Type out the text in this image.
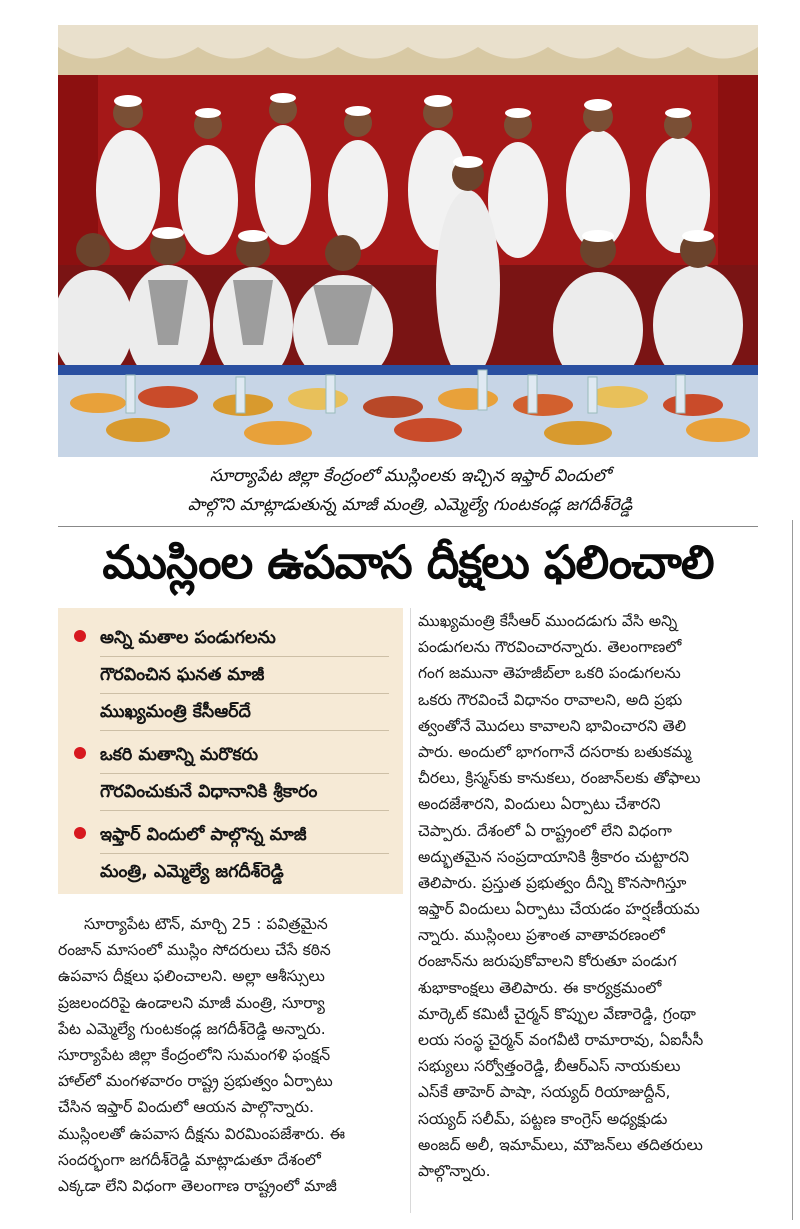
సూర్యాపేట జిల్లా కేంద్రంలో ముస్లింలకు ఇచ్చిన ఇఫ్తార్ విందులో
పాల్గొని మాట్లాడుతున్న మాజీ మంత్రి, ఎమ్మెల్యే గుంటకండ్ల జగదీశ్‌రెడ్డి
ముస్లింల ఉపవాస దీక్షలు ఫలించాలి
అన్ని మతాల పండుగలను
గౌరవించిన ఘనత మాజీ
ముఖ్యమంత్రి కేసీఆర్‌దే
ఒకరి మతాన్ని మరొకరు
గౌరవించుకునే విధానానికి శ్రీకారం
ఇఫ్తార్ విందులో పాల్గొన్న మాజీ
మంత్రి, ఎమ్మెల్యే జగదీశ్‌రెడ్డి
సూర్యాపేట టౌన్, మార్చి 25 : పవిత్రమైన
రంజాన్ మాసంలో ముస్లిం సోదరులు చేసే కఠిన
ఉపవాస దీక్షలు ఫలించాలని. అల్లా ఆశీస్సులు
ప్రజలందరిపై ఉండాలని మాజీ మంత్రి, సూర్యా
పేట ఎమ్మెల్యే గుంటకండ్ల జగదీశ్‌రెడ్డి అన్నారు.
సూర్యాపేట జిల్లా కేంద్రంలోని సుమంగళి ఫంక్షన్
హాల్‌లో మంగళవారం రాష్ట్ర ప్రభుత్వం ఏర్పాటు
చేసిన ఇఫ్తార్ విందులో ఆయన పాల్గొన్నారు.
ముస్లింలతో ఉపవాస దీక్షను విరమింపజేశారు. ఈ
సందర్భంగా జగదీశ్‌రెడ్డి మాట్లాడుతూ దేశంలో
ఎక్కడా లేని విధంగా తెలంగాణ రాష్ట్రంలో మాజీ
ముఖ్యమంత్రి కేసీఆర్ ముందడుగు వేసి అన్ని
పండుగలను గౌరవించారన్నారు. తెలంగాణలో
గంగ జమునా తెహజీబ్‌లా ఒకరి పండుగలను
ఒకరు గౌరవించే విధానం రావాలని, అది ప్రభు
త్వంతోనే మొదలు కావాలని భావించారని తెలి
పారు. అందులో భాగంగానే దసరాకు బతుకమ్మ
చీరలు, క్రిస్మస్‌కు కానుకలు, రంజాన్‌లకు తోఫాలు
అందజేశారని, విందులు ఏర్పాటు చేశారని
చెప్పారు. దేశంలో ఏ రాష్ట్రంలో లేని విధంగా
అద్భుతమైన సంప్రదాయానికి శ్రీకారం చుట్టారని
తెలిపారు. ప్రస్తుత ప్రభుత్వం దీన్ని కొనసాగిస్తూ
ఇఫ్తార్ విందులు ఏర్పాటు చేయడం హర్షణీయమ
న్నారు. ముస్లింలు ప్రశాంత వాతావరణంలో
రంజాన్‌ను జరుపుకోవాలని కోరుతూ పండుగ
శుభాకాంక్షలు తెలిపారు. ఈ కార్యక్రమంలో
మార్కెట్ కమిటీ చైర్మన్ కొప్పుల వేణారెడ్డి, గ్రంథా
లయ సంస్థ చైర్మన్ వంగవీటి రామారావు, ఏఐసీసీ
సభ్యులు సర్వోత్తంరెడ్డి, బీఆర్‌ఎస్ నాయకులు
ఎస్‌కే తాహెర్ పాషా, సయ్యద్ రియాజుద్దీన్,
సయ్యద్ సలీమ్, పట్టణ కాంగ్రెస్ అధ్యక్షుడు
అంజద్ అలీ, ఇమామ్‌లు, మౌజన్‌లు తదితరులు
పాల్గొన్నారు.
